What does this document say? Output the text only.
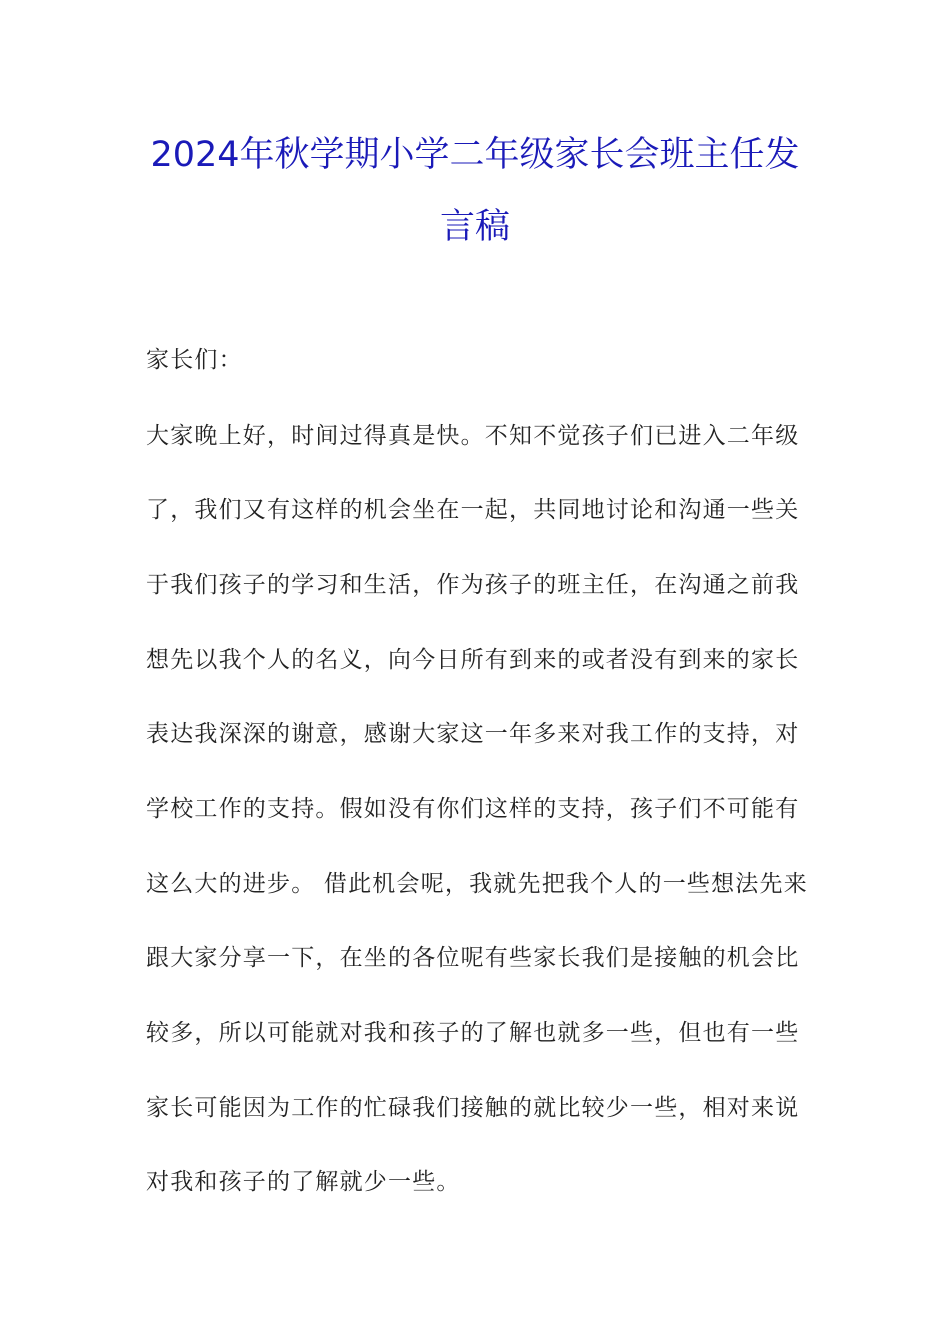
2024年秋学期小学二年级家长会班主任发
言稿
家长们：
大家晚上好，时间过得真是快。不知不觉孩子们已进入二年级
了，我们又有这样的机会坐在一起，共同地讨论和沟通一些关
于我们孩子的学习和生活，作为孩子的班主任，在沟通之前我
想先以我个人的名义，向今日所有到来的或者没有到来的家长
表达我深深的谢意，感谢大家这一年多来对我工作的支持，对
学校工作的支持。假如没有你们这样的支持，孩子们不可能有
这么大的进步。 借此机会呢，我就先把我个人的一些想法先来
跟大家分享一下，在坐的各位呢有些家长我们是接触的机会比
较多，所以可能就对我和孩子的了解也就多一些，但也有一些
家长可能因为工作的忙碌我们接触的就比较少一些，相对来说
对我和孩子的了解就少一些。
